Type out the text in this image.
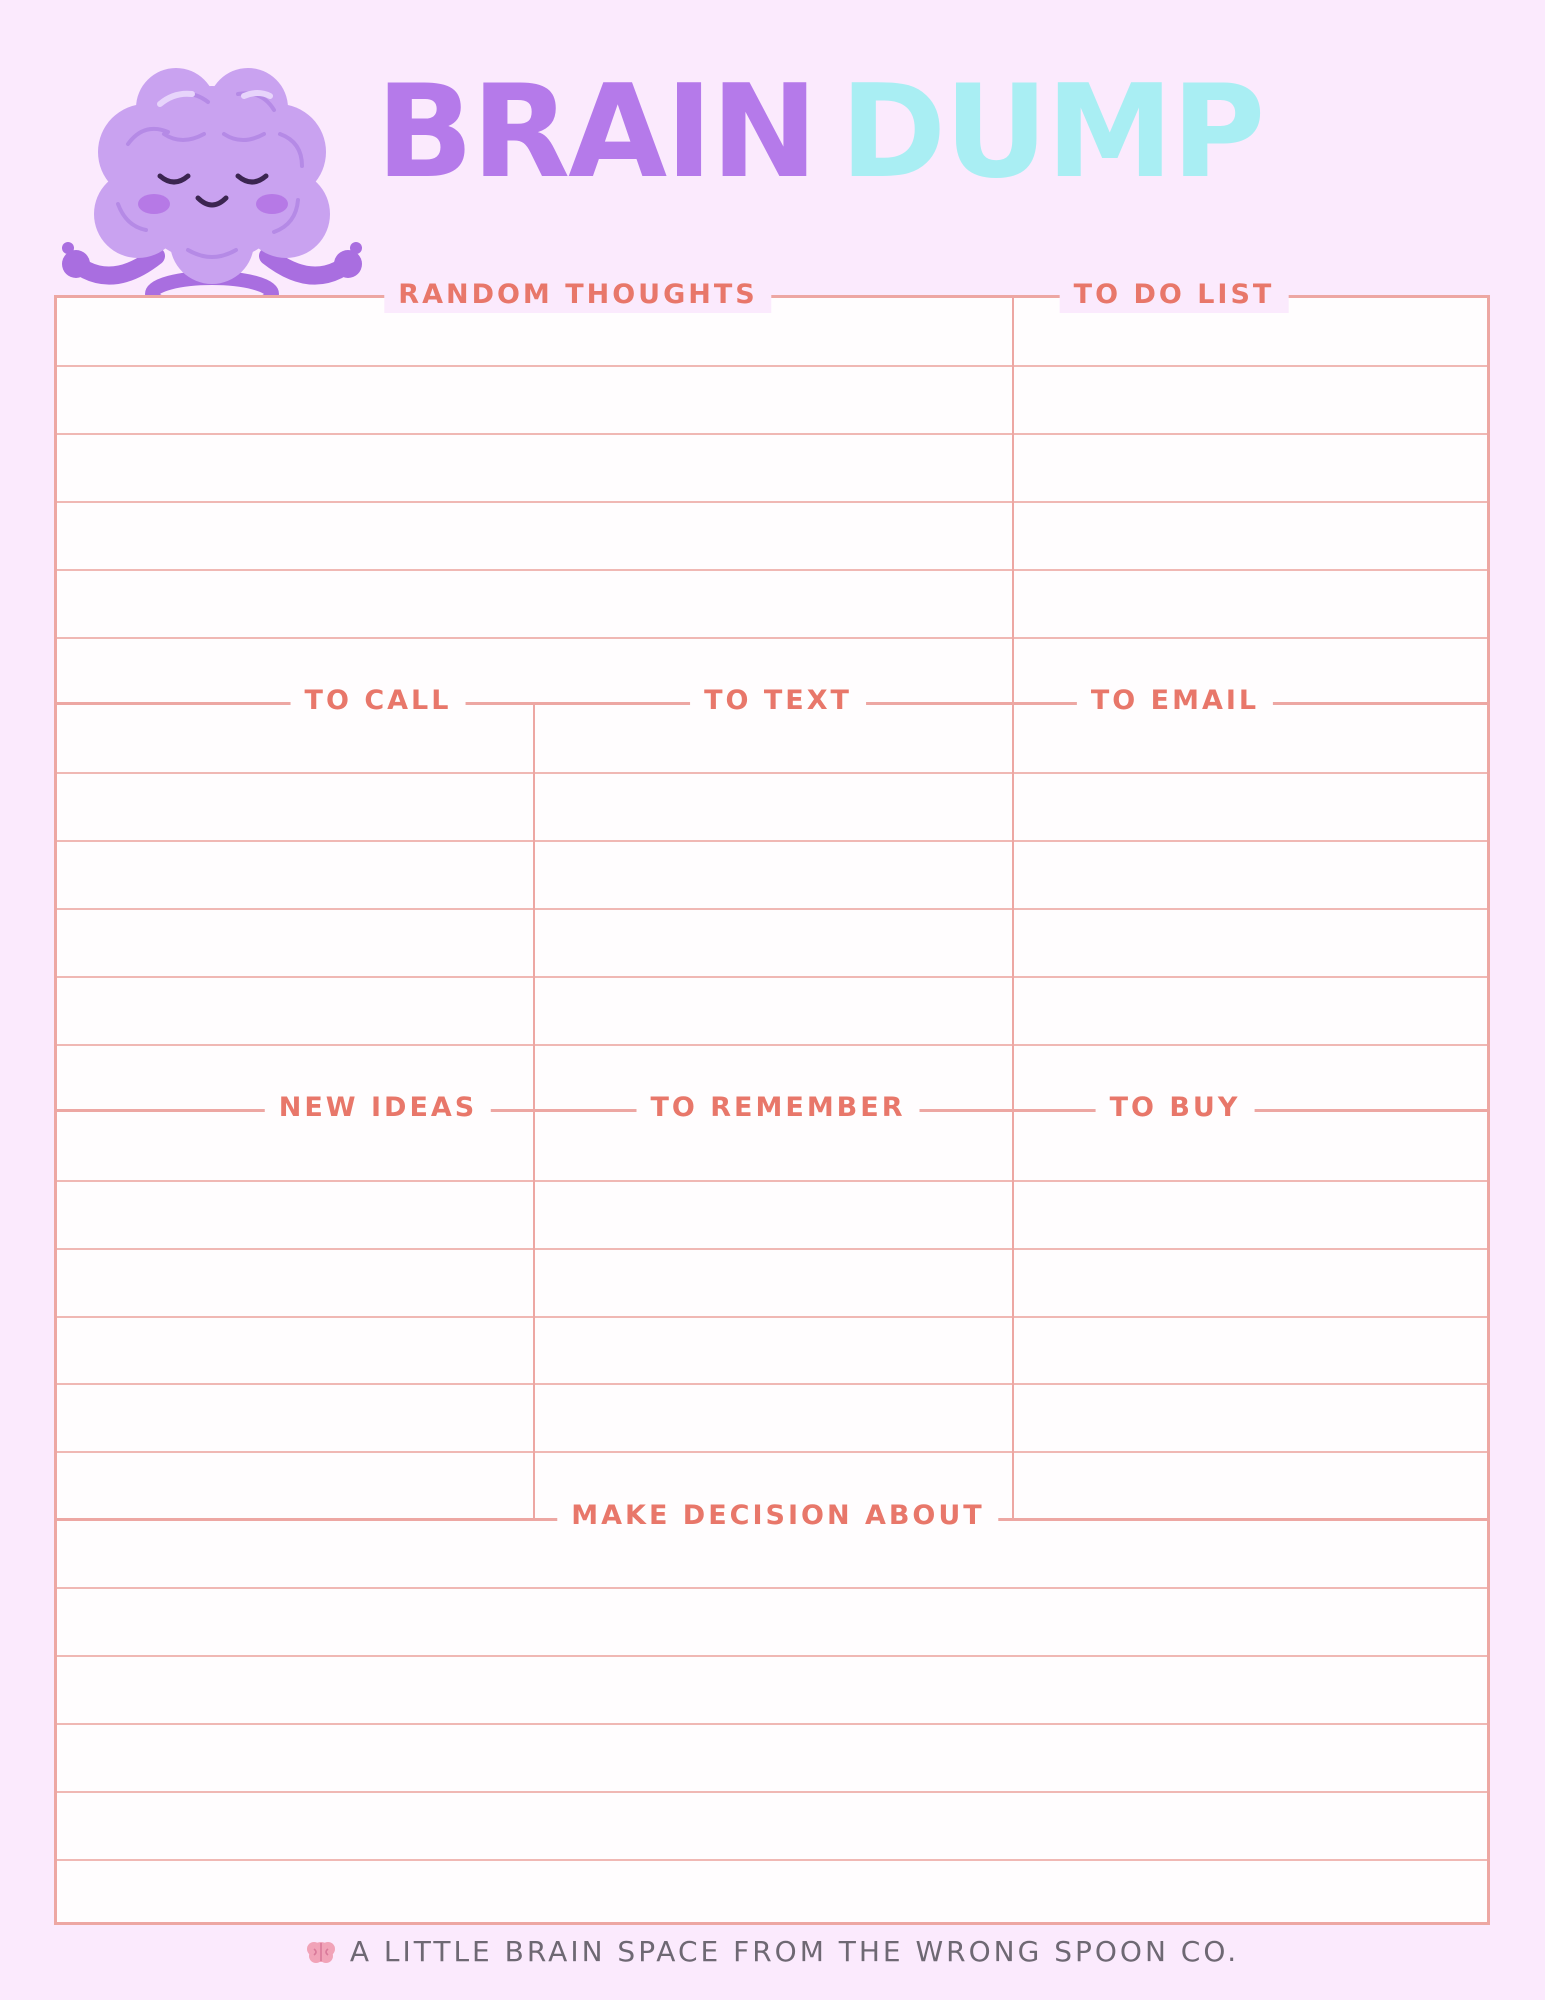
BRAIN DUMP
RANDOM THOUGHTS	TO DO LIST
TO CALL	TO TEXT	TO EMAIL
NEW IDEAS	TO REMEMBER	TO BUY
MAKE DECISION ABOUT
A LITTLE BRAIN SPACE FROM THE WRONG SPOON CO.
